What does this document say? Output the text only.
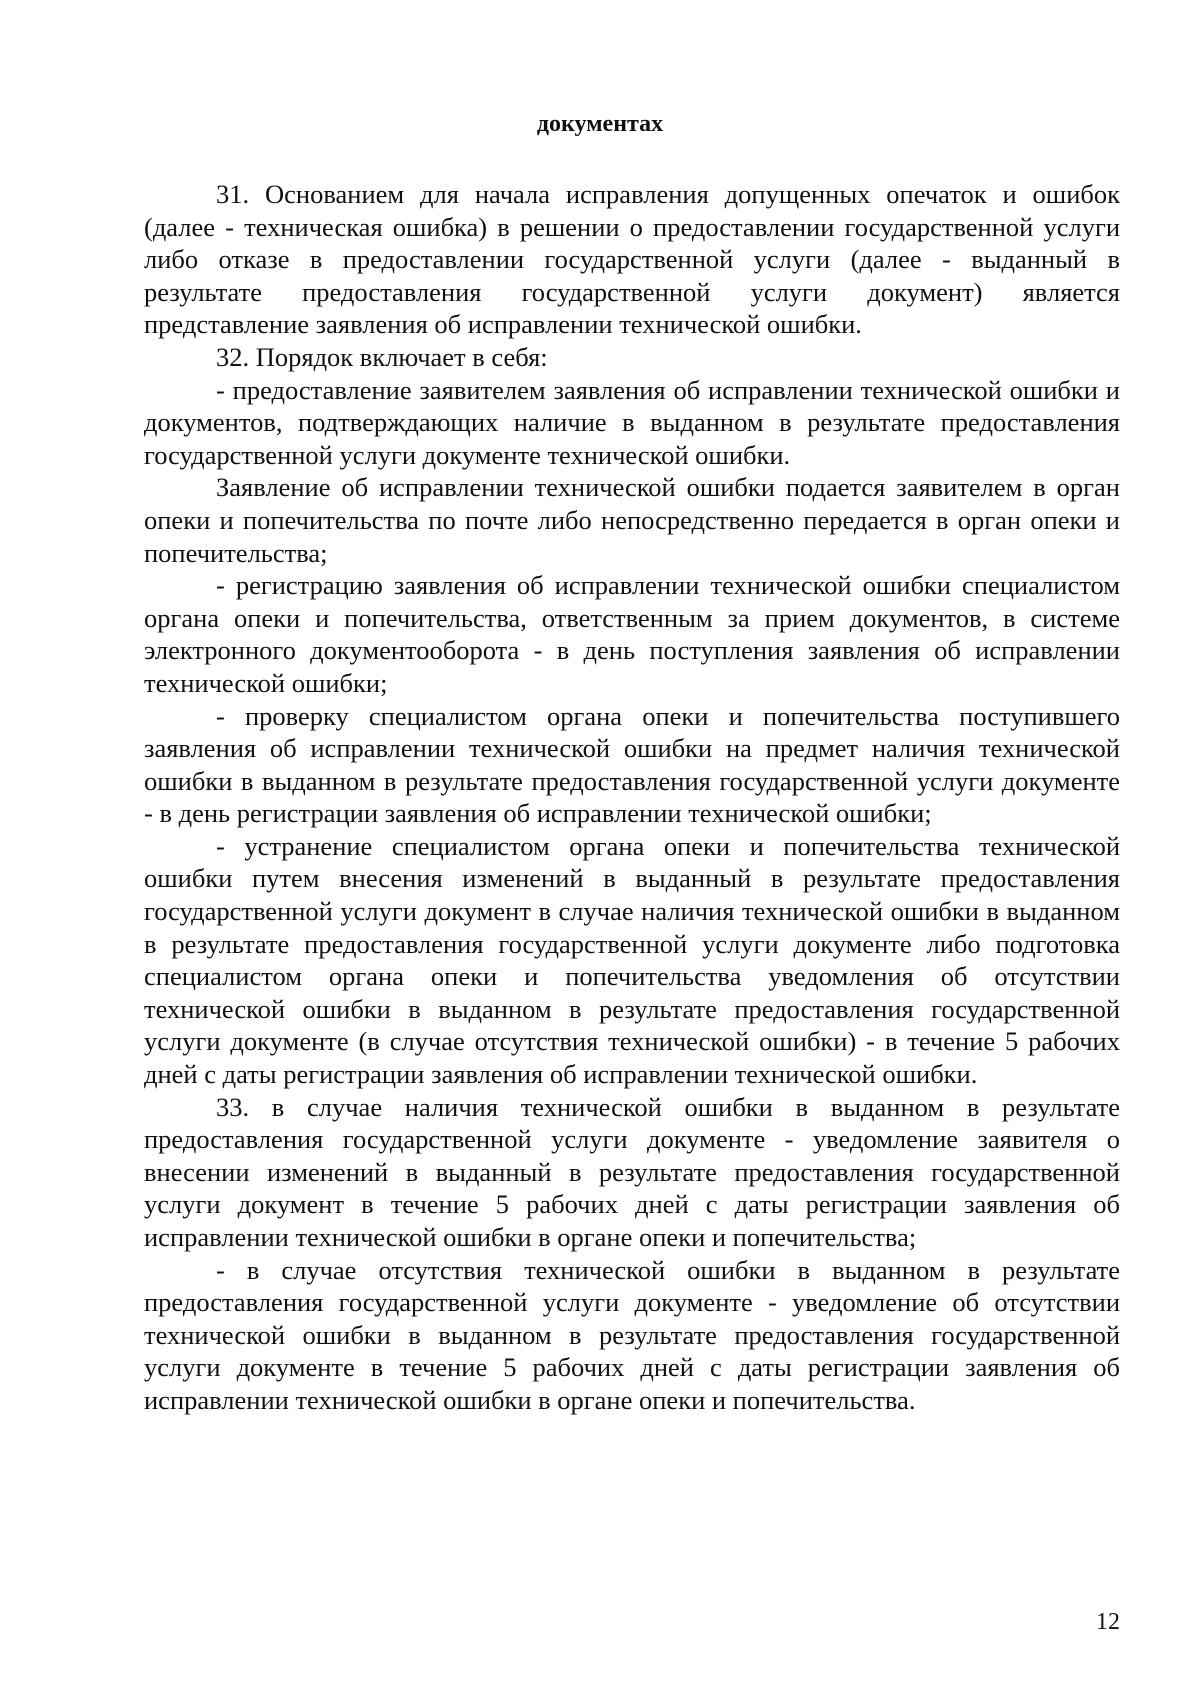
документах

31. Основанием для начала исправления допущенных опечаток и ошибок (далее - техническая ошибка) в решении о предоставлении государственной услуги либо отказе в предоставлении государственной услуги (далее - выданный в результате предоставления государственной услуги документ) является представление заявления об исправлении технической ошибки.

32. Порядок включает в себя:

- предоставление заявителем заявления об исправлении технической ошибки и документов, подтверждающих наличие в выданном в результате предоставления государственной услуги документе технической ошибки.

Заявление об исправлении технической ошибки подается заявителем в орган опеки и попечительства по почте либо непосредственно передается в орган опеки и попечительства;

- регистрацию заявления об исправлении технической ошибки специалистом органа опеки и попечительства, ответственным за прием документов, в системе электронного документооборота - в день поступления заявления об исправлении технической ошибки;

- проверку специалистом органа опеки и попечительства поступившего заявления об исправлении технической ошибки на предмет наличия технической ошибки в выданном в результате предоставления государственной услуги документе - в день регистрации заявления об исправлении технической ошибки;

- устранение специалистом органа опеки и попечительства технической ошибки путем внесения изменений в выданный в результате предоставления государственной услуги документ в случае наличия технической ошибки в выданном в результате предоставления государственной услуги документе либо подготовка специалистом органа опеки и попечительства уведомления об отсутствии технической ошибки в выданном в результате предоставления государственной услуги документе (в случае отсутствия технической ошибки) - в течение 5 рабочих дней с даты регистрации заявления об исправлении технической ошибки.

33. в случае наличия технической ошибки в выданном в результате предоставления государственной услуги документе - уведомление заявителя о внесении изменений в выданный в результате предоставления государственной услуги документ в течение 5 рабочих дней с даты регистрации заявления об исправлении технической ошибки в органе опеки и попечительства;

- в случае отсутствия технической ошибки в выданном в результате предоставления государственной услуги документе - уведомление об отсутствии технической ошибки в выданном в результате предоставления государственной услуги документе в течение 5 рабочих дней с даты регистрации заявления об исправлении технической ошибки в органе опеки и попечительства.

12
